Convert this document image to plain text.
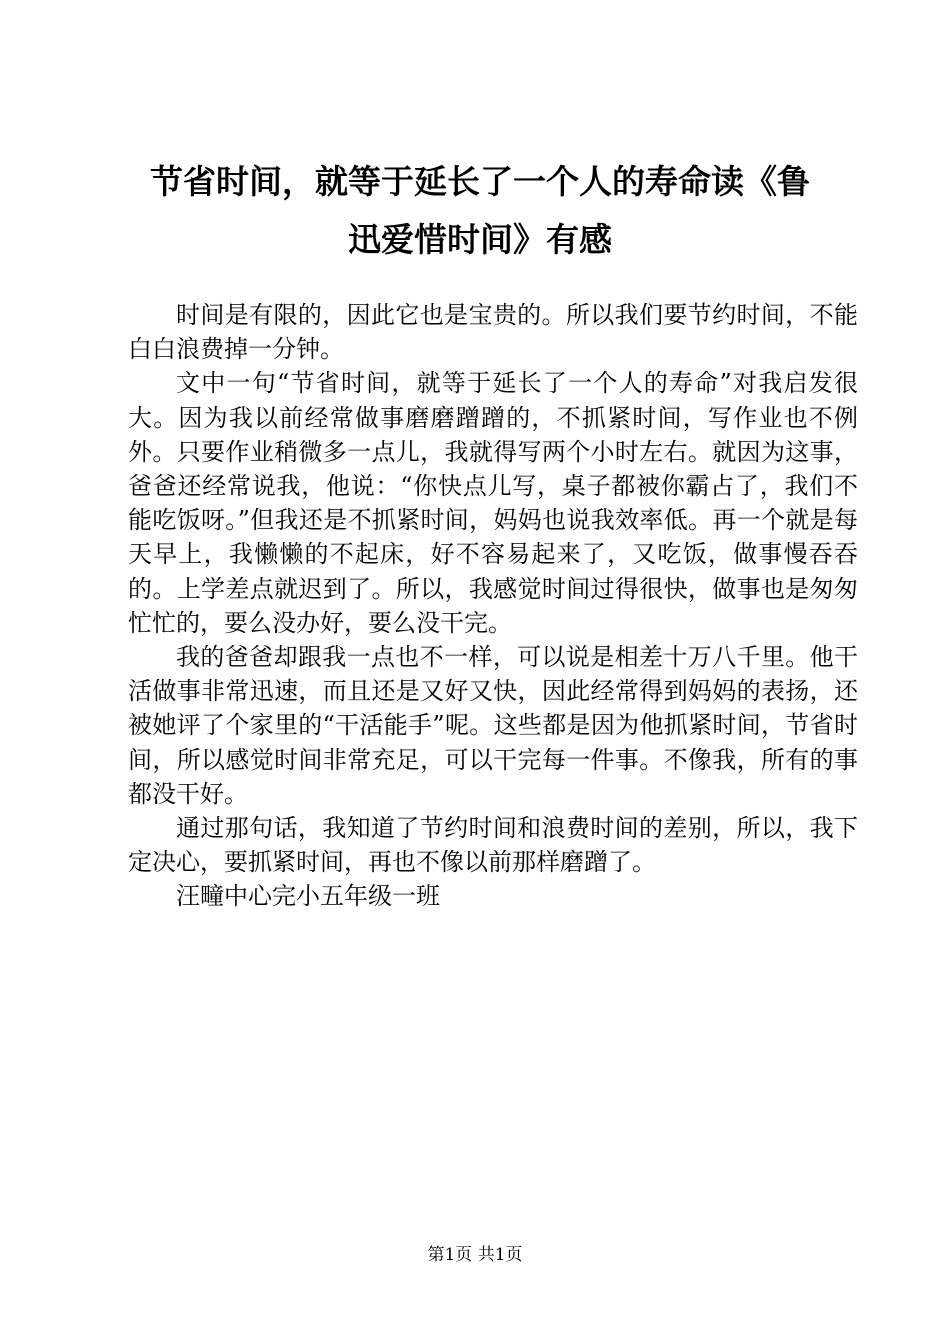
节省时间，就等于延长了一个人的寿命读《鲁
迅爱惜时间》有感

时间是有限的，因此它也是宝贵的。所以我们要节约时间，不能白白浪费掉一分钟。

文中一句“节省时间，就等于延长了一个人的寿命”对我启发很大。因为我以前经常做事磨磨蹭蹭的，不抓紧时间，写作业也不例外。只要作业稍微多一点儿，我就得写两个小时左右。就因为这事，爸爸还经常说我，他说：“你快点儿写，桌子都被你霸占了，我们不能吃饭呀。”但我还是不抓紧时间，妈妈也说我效率低。再一个就是每天早上，我懒懒的不起床，好不容易起来了，又吃饭，做事慢吞吞的。上学差点就迟到了。所以，我感觉时间过得很快，做事也是匆匆忙忙的，要么没办好，要么没干完。

我的爸爸却跟我一点也不一样，可以说是相差十万八千里。他干活做事非常迅速，而且还是又好又快，因此经常得到妈妈的表扬，还被她评了个家里的“干活能手”呢。这些都是因为他抓紧时间，节省时间，所以感觉时间非常充足，可以干完每一件事。不像我，所有的事都没干好。

通过那句话，我知道了节约时间和浪费时间的差别，所以，我下定决心，要抓紧时间，再也不像以前那样磨蹭了。

汪疃中心完小五年级一班

第1页 共1页
